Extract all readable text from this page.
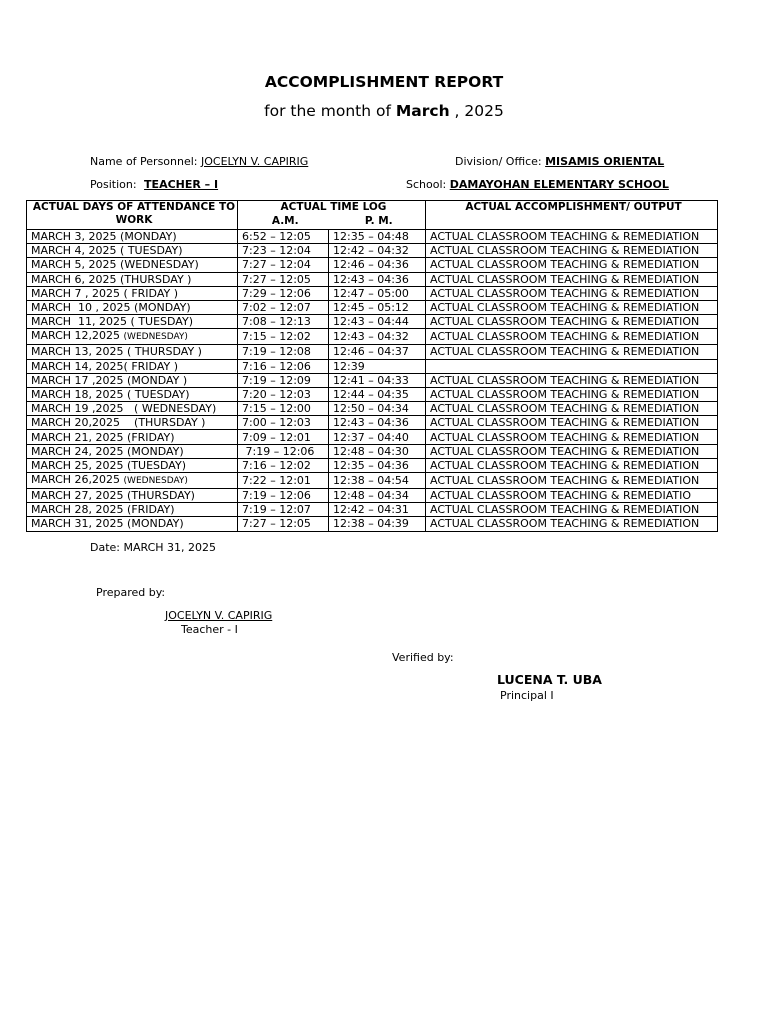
ACCOMPLISHMENT REPORT
for the month of March , 2025
Name of Personnel: JOCELYN V. CAPIRIG	Division/ Office: MISAMIS ORIENTAL
Position: TEACHER – I	School: DAMAYOHAN ELEMENTARY SCHOOL
ACTUAL DAYS OF ATTENDANCE TO WORK	ACTUAL TIME LOG		ACTUAL ACCOMPLISHMENT/ OUTPUT
	A.M.	P. M.	
MARCH 3, 2025 (MONDAY)	6:52 – 12:05	12:35 – 04:48	ACTUAL CLASSROOM TEACHING & REMEDIATION
MARCH 4, 2025 ( TUESDAY)	7:23 – 12:04	12:42 – 04:32	ACTUAL CLASSROOM TEACHING & REMEDIATION
MARCH 5, 2025 (WEDNESDAY)	7:27 – 12:04	12:46 – 04:36	ACTUAL CLASSROOM TEACHING & REMEDIATION
MARCH 6, 2025 (THURSDAY )	7:27 – 12:05	12:43 – 04:36	ACTUAL CLASSROOM TEACHING & REMEDIATION
MARCH 7 , 2025 ( FRIDAY )	7:29 – 12:06	12:47 – 05:00	ACTUAL CLASSROOM TEACHING & REMEDIATION
MARCH  10 , 2025 (MONDAY)	7:02 – 12:07	12:45 – 05:12	ACTUAL CLASSROOM TEACHING & REMEDIATION
MARCH  11, 2025 ( TUESDAY)	7:08 – 12:13	12:43 – 04:44	ACTUAL CLASSROOM TEACHING & REMEDIATION
MARCH 12,2025 (WEDNESDAY)	7:15 – 12:02	12:43 – 04:32	ACTUAL CLASSROOM TEACHING & REMEDIATION
MARCH 13, 2025 ( THURSDAY )	7:19 – 12:08	12:46 – 04:37	ACTUAL CLASSROOM TEACHING & REMEDIATION
MARCH 14, 2025( FRIDAY )	7:16 – 12:06	12:39	
MARCH 17 ,2025 (MONDAY )	7:19 – 12:09	12:41 – 04:33	ACTUAL CLASSROOM TEACHING & REMEDIATION
MARCH 18, 2025 ( TUESDAY)	7:20 – 12:03	12:44 – 04:35	ACTUAL CLASSROOM TEACHING & REMEDIATION
MARCH 19 ,2025   ( WEDNESDAY)	7:15 – 12:00	12:50 – 04:34	ACTUAL CLASSROOM TEACHING & REMEDIATION
MARCH 20,2025    (THURSDAY )	7:00 – 12:03	12:43 – 04:36	ACTUAL CLASSROOM TEACHING & REMEDIATION
MARCH 21, 2025 (FRIDAY)	7:09 – 12:01	12:37 – 04:40	ACTUAL CLASSROOM TEACHING & REMEDIATION
MARCH 24, 2025 (MONDAY)	7:19 – 12:06	12:48 – 04:30	ACTUAL CLASSROOM TEACHING & REMEDIATION
MARCH 25, 2025 (TUESDAY)	7:16 – 12:02	12:35 – 04:36	ACTUAL CLASSROOM TEACHING & REMEDIATION
MARCH 26,2025 (WEDNESDAY)	7:22 – 12:01	12:38 – 04:54	ACTUAL CLASSROOM TEACHING & REMEDIATION
MARCH 27, 2025 (THURSDAY)	7:19 – 12:06	12:48 – 04:34	ACTUAL CLASSROOM TEACHING & REMEDIATIO
MARCH 28, 2025 (FRIDAY)	7:19 – 12:07	12:42 – 04:31	ACTUAL CLASSROOM TEACHING & REMEDIATION
MARCH 31, 2025 (MONDAY)	7:27 – 12:05	12:38 – 04:39	ACTUAL CLASSROOM TEACHING & REMEDIATION
Date: MARCH 31, 2025
Prepared by:
JOCELYN V. CAPIRIG
Teacher - I
Verified by:
LUCENA T. UBA
Principal I
